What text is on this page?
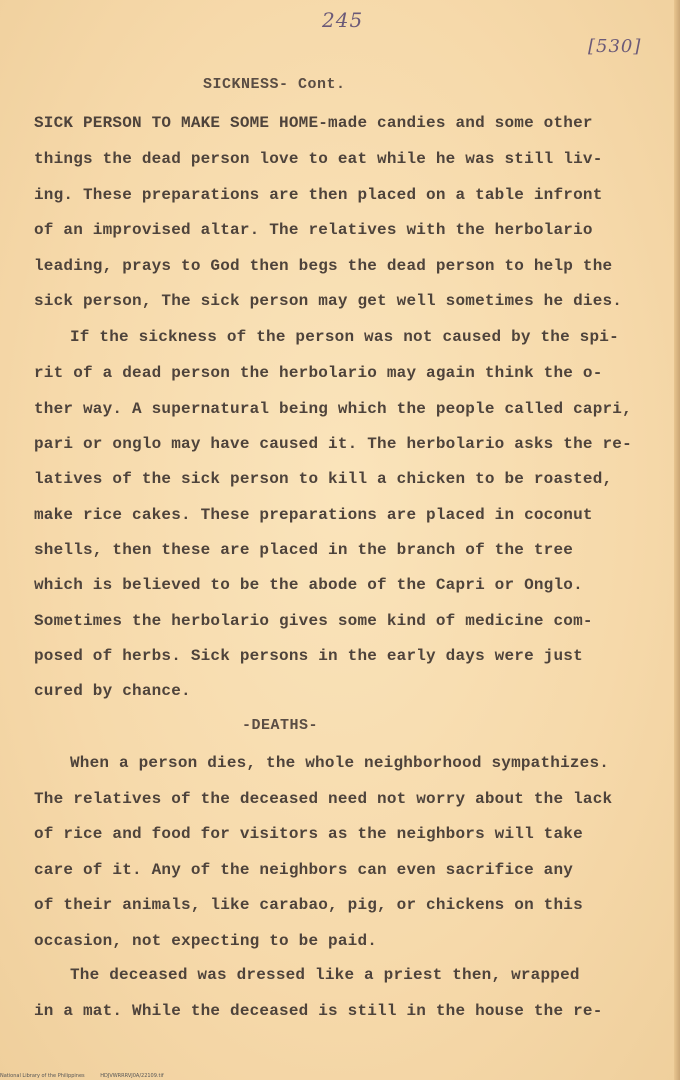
245
[530]
SICKNESS- Cont.
SICK PERSON TO MAKE SOME HOME-made candies and some other
things the dead person love to eat while he was still liv-
ing. These preparations are then placed on a table infront
of an improvised altar. The relatives with the herbolario
leading, prays to God then begs the dead person to help the
sick person, The sick person may get well sometimes he dies.
If the sickness of the person was not caused by the spi-
rit of a dead person the herbolario may again think the o-
ther way. A supernatural being which the people called capri,
pari or onglo may have caused it. The herbolario asks the re-
latives of the sick person to kill a chicken to be roasted,
make rice cakes. These preparations are placed in coconut
shells, then these are placed in the branch of the tree
which is believed to be the abode of the Capri or Onglo.
Sometimes the herbolario gives some kind of medicine com-
posed of herbs. Sick persons in the early days were just
cured by chance.
-DEATHS-
When a person dies, the whole neighborhood sympathizes.
The relatives of the deceased need not worry about the lack
of rice and food for visitors as the neighbors will take
care of it. Any of the neighbors can even sacrifice any
of their animals, like carabao, pig, or chickens on this
occasion, not expecting to be paid.
The deceased was dressed like a priest then, wrapped
in a mat. While the deceased is still in the house the re-
National Library of the Philippines	HDJVWRRRVJ0A/22109.tif
